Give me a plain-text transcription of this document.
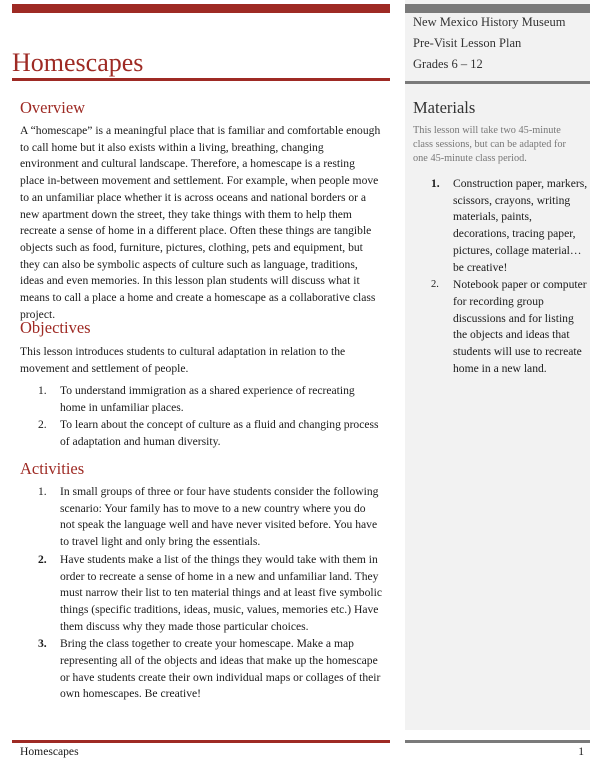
New Mexico History Museum
Pre-Visit Lesson Plan
Grades 6 – 12
Homescapes
Overview
A “homescape” is a meaningful place that is familiar and comfortable enough to call home but it also exists within a living, breathing, changing environment and cultural landscape. Therefore, a homescape is a resting place in-between movement and settlement. For example, when people move to an unfamiliar place whether it is across oceans and national borders or a new apartment down the street, they take things with them to help them recreate a sense of home in a different place. Often these things are tangible objects such as food, furniture, pictures, clothing, pets and equipment, but they can also be symbolic aspects of culture such as language, traditions, ideas and even memories. In this lesson plan students will discuss what it means to call a place a home and create a homescape as a collaborative class project.
Objectives
This lesson introduces students to cultural adaptation in relation to the movement and settlement of people.
1. To understand immigration as a shared experience of recreating home in unfamiliar places.
2. To learn about the concept of culture as a fluid and changing process of adaptation and human diversity.
Activities
1. In small groups of three or four have students consider the following scenario: Your family has to move to a new country where you do not speak the language well and have never visited before. You have to travel light and only bring the essentials.
2. Have students make a list of the things they would take with them in order to recreate a sense of home in a new and unfamiliar land. They must narrow their list to ten material things and at least five symbolic things (specific traditions, ideas, music, values, memories etc.) Have them discuss why they made those particular choices.
3. Bring the class together to create your homescape. Make a map representing all of the objects and ideas that make up the homescape or have students create their own individual maps or collages of their own homescapes. Be creative!
Materials
This lesson will take two 45-minute class sessions, but can be adapted for one 45-minute class period.
1. Construction paper, markers, scissors, crayons, writing materials, paints, decorations, tracing paper, pictures, collage material…be creative!
2. Notebook paper or computer for recording group discussions and for listing the objects and ideas that students will use to recreate home in a new land.
Homescapes	1
